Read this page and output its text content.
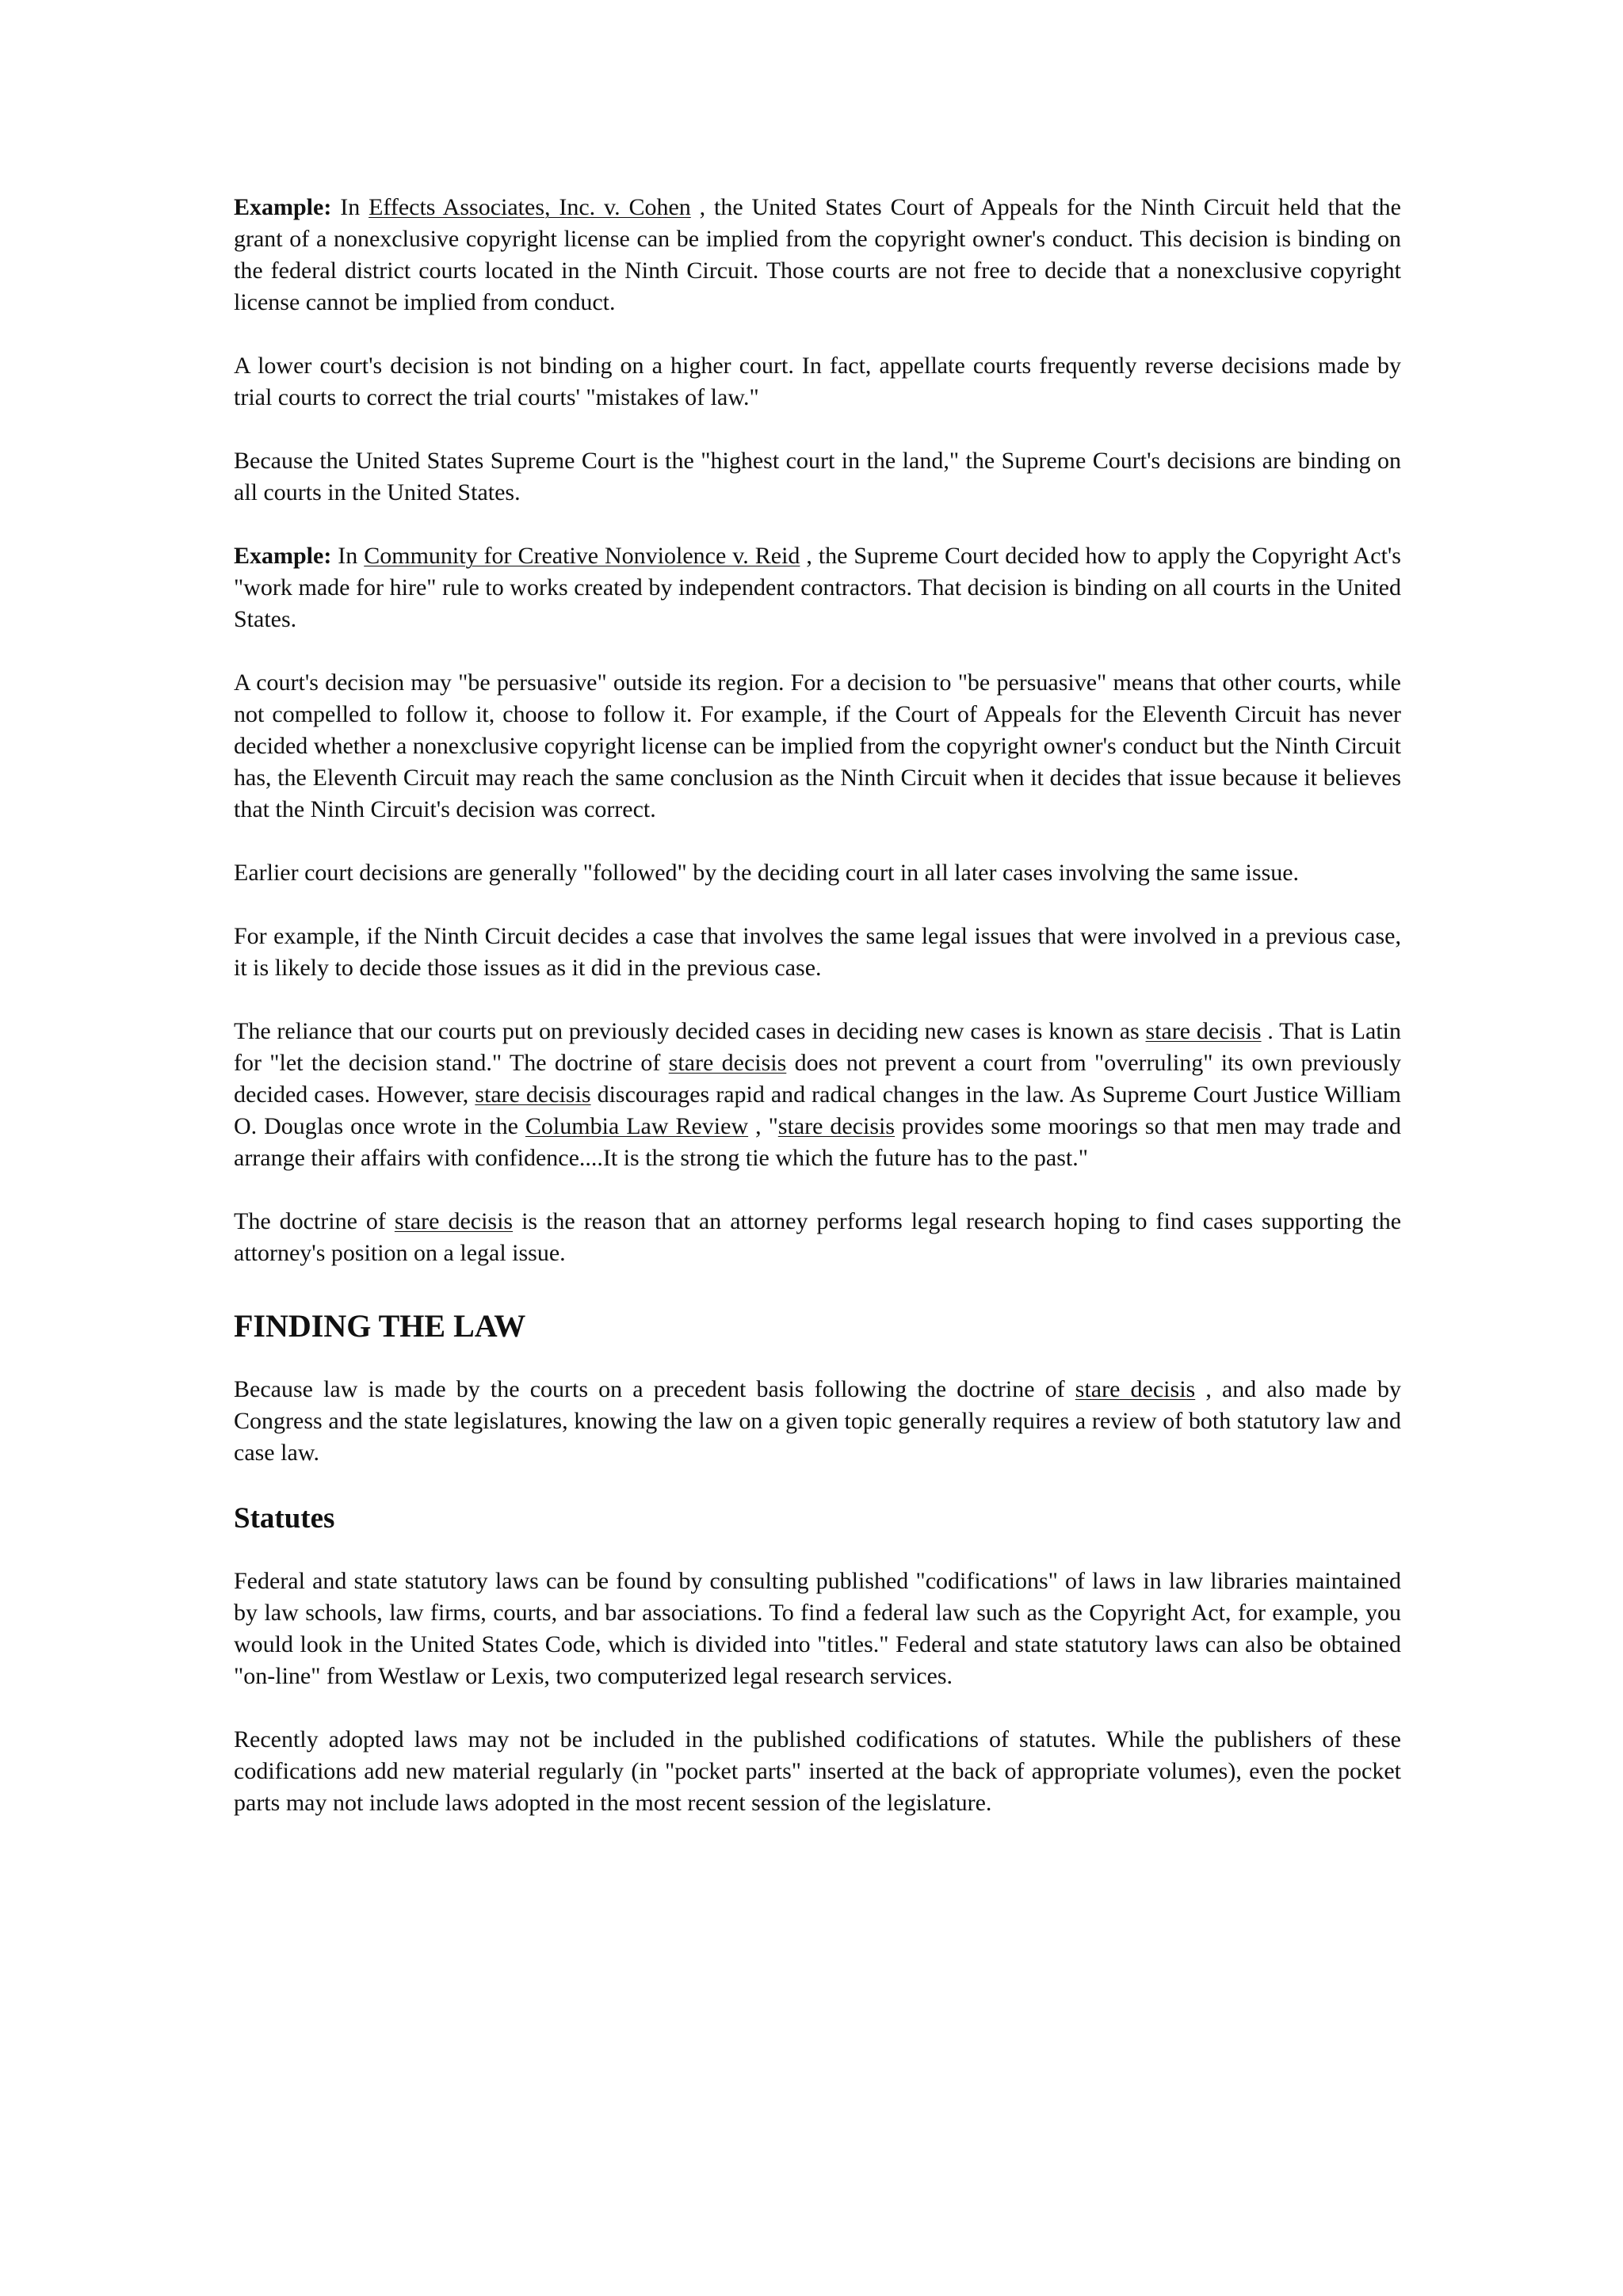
Example: In Effects Associates, Inc. v. Cohen , the United States Court of Appeals for the Ninth Circuit held that the grant of a nonexclusive copyright license can be implied from the copyright owner's conduct. This decision is binding on the federal district courts located in the Ninth Circuit. Those courts are not free to decide that a nonexclusive copyright license cannot be implied from conduct.

A lower court's decision is not binding on a higher court. In fact, appellate courts frequently reverse decisions made by trial courts to correct the trial courts' "mistakes of law."

Because the United States Supreme Court is the "highest court in the land," the Supreme Court's decisions are binding on all courts in the United States.

Example: In Community for Creative Nonviolence v. Reid , the Supreme Court decided how to apply the Copyright Act's "work made for hire" rule to works created by independent contractors. That decision is binding on all courts in the United States.

A court's decision may "be persuasive" outside its region. For a decision to "be persuasive" means that other courts, while not compelled to follow it, choose to follow it. For example, if the Court of Appeals for the Eleventh Circuit has never decided whether a nonexclusive copyright license can be implied from the copyright owner's conduct but the Ninth Circuit has, the Eleventh Circuit may reach the same conclusion as the Ninth Circuit when it decides that issue because it believes that the Ninth Circuit's decision was correct.

Earlier court decisions are generally "followed" by the deciding court in all later cases involving the same issue.

For example, if the Ninth Circuit decides a case that involves the same legal issues that were involved in a previous case, it is likely to decide those issues as it did in the previous case.

The reliance that our courts put on previously decided cases in deciding new cases is known as stare decisis . That is Latin for "let the decision stand." The doctrine of stare decisis does not prevent a court from "overruling" its own previously decided cases. However, stare decisis discourages rapid and radical changes in the law. As Supreme Court Justice William O. Douglas once wrote in the Columbia Law Review , "stare decisis provides some moorings so that men may trade and arrange their affairs with confidence....It is the strong tie which the future has to the past."

The doctrine of stare decisis is the reason that an attorney performs legal research hoping to find cases supporting the attorney's position on a legal issue.

FINDING THE LAW

Because law is made by the courts on a precedent basis following the doctrine of stare decisis , and also made by Congress and the state legislatures, knowing the law on a given topic generally requires a review of both statutory law and case law.

Statutes

Federal and state statutory laws can be found by consulting published "codifications" of laws in law libraries maintained by law schools, law firms, courts, and bar associations. To find a federal law such as the Copyright Act, for example, you would look in the United States Code, which is divided into "titles." Federal and state statutory laws can also be obtained "on-line" from Westlaw or Lexis, two computerized legal research services.

Recently adopted laws may not be included in the published codifications of statutes. While the publishers of these codifications add new material regularly (in "pocket parts" inserted at the back of appropriate volumes), even the pocket parts may not include laws adopted in the most recent session of the legislature.
